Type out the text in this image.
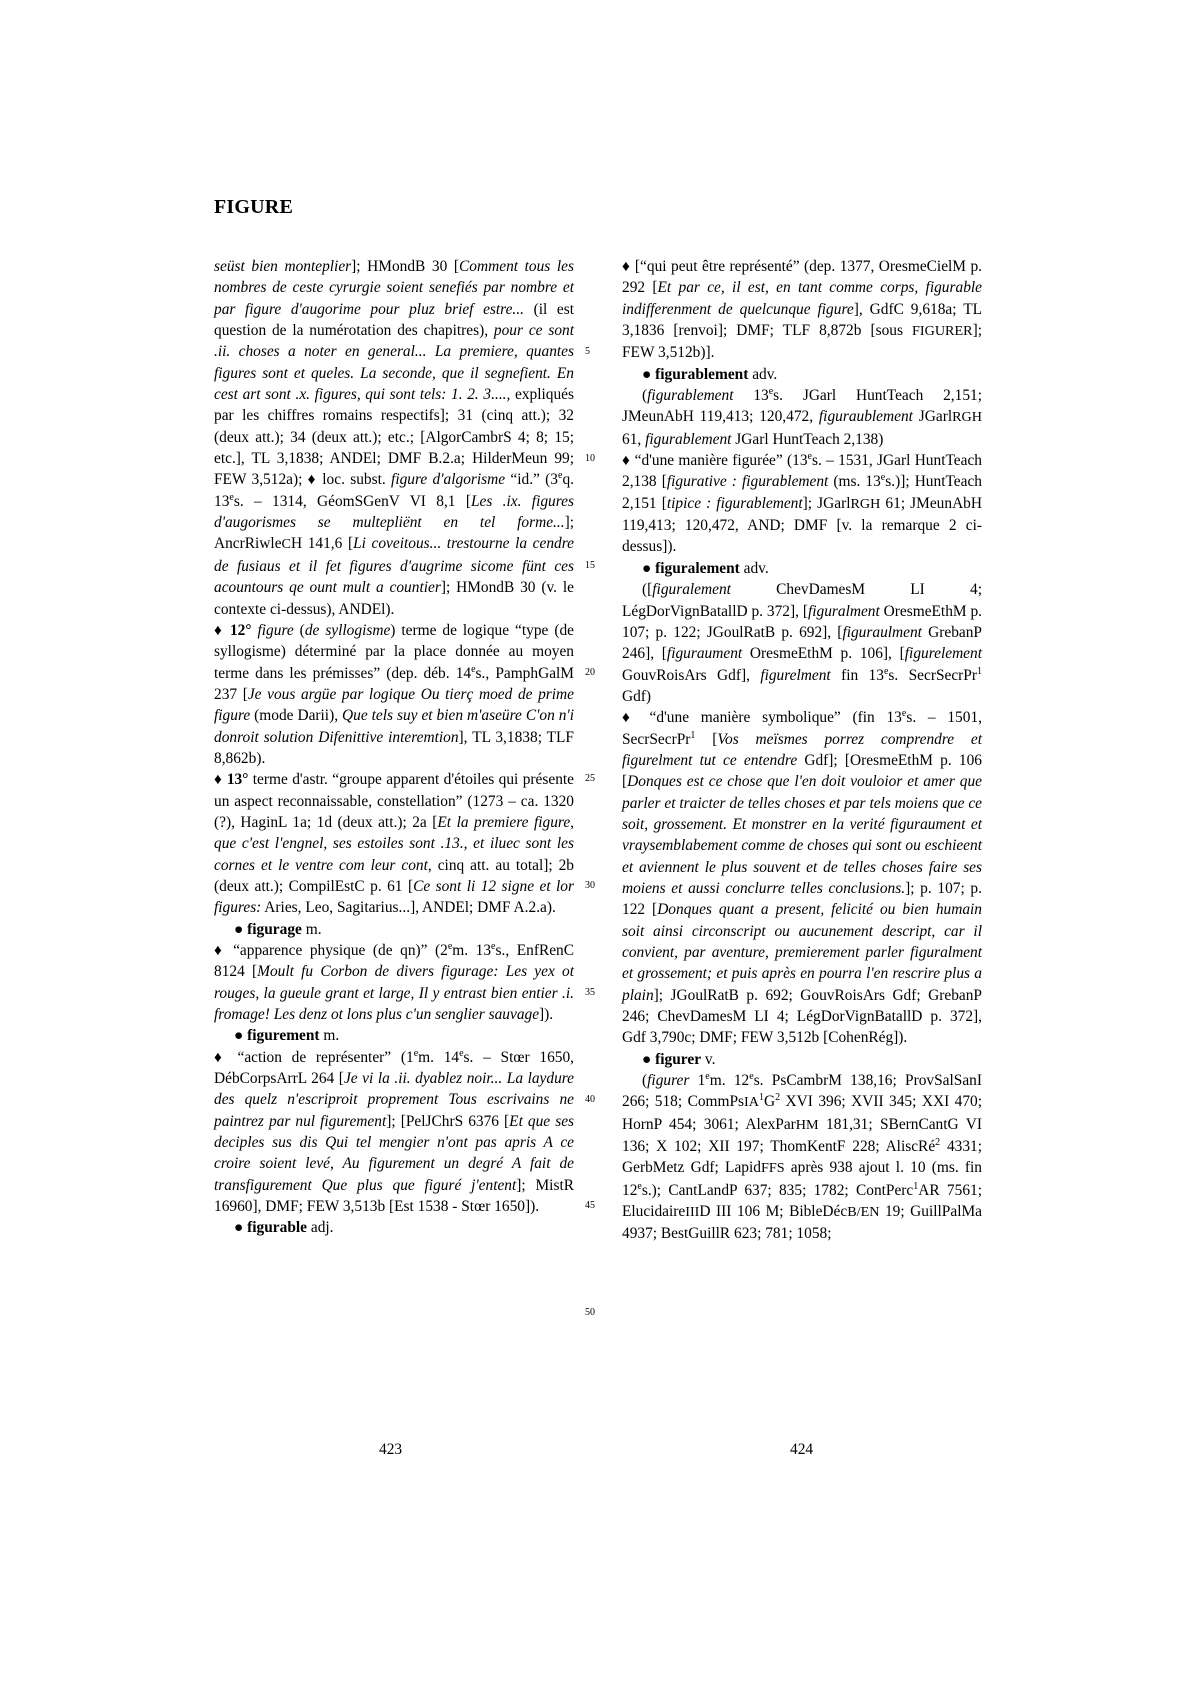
FIGURE

seüst bien monteplier]; HMondB 30 [Comment tous les nombres de ceste cyrurgie soient senefiés par nombre et par figure d'augorime pour pluz brief estre... (il est question de la numérotation des chapitres), pour ce sont .ii. choses a noter en general... La premiere, quantes figures sont et queles. La seconde, que il segnefient. En cest art sont .x. figures, qui sont tels: 1. 2. 3...., expliqués par les chiffres romains respectifs]; 31 (cinq att.); 32 (deux att.); 34 (deux att.); etc.; [AlgorCambrS 4; 8; 15; etc.], TL 3,1838; ANDEl; DMF B.2.a; HilderMeun 99; FEW 3,512a); ♦ loc. subst. figure d'algorisme “id.” (3eq. 13es. – 1314, GéomSGenV VI 8,1 [Les .ix. figures d'augorismes se multepliënt en tel forme...]; AncrRiwleCH 141,6 [Li coveitous... trestourne la cendre de fusiaus et il fet figures d'augrime sicome fünt ces acountours qe ount mult a countier]; HMondB 30 (v. le contexte ci-dessus), ANDEl).

♦ 12° figure (de syllogisme) terme de logique “type (de syllogisme) déterminé par la place donnée au moyen terme dans les prémisses” (dep. déb. 14es., PamphGalM 237 [Je vous argüe par logique Ou tierç moed de prime figure (mode Darii), Que tels suy et bien m'aseüre C'on n'i donroit solution Difenittive interemtion], TL 3,1838; TLF 8,862b).

♦ 13° terme d'astr. “groupe apparent d'étoiles qui présente un aspect reconnaissable, constellation” (1273 – ca. 1320 (?), HaginL 1a; 1d (deux att.); 2a [Et la premiere figure, que c'est l'engnel, ses estoiles sont .13., et iluec sont les cornes et le ventre com leur cont, cinq att. au total]; 2b (deux att.); CompilEstC p. 61 [Ce sont li 12 signe et lor figures: Aries, Leo, Sagitarius...], ANDEl; DMF A.2.a).

● figurage m.

♦ “apparence physique (de qn)” (2em. 13es., EnfRenC 8124 [Moult fu Corbon de divers figurage: Les yex ot rouges, la gueule grant et large, Il y entrast bien entier .i. fromage! Les denz ot lons plus c'un senglier sauvage]).

● figurement m.

♦ “action de représenter” (1em. 14es. – Stœr 1650, DébCorpsArrL 264 [Je vi la .ii. dyablez noir... La laydure des quelz n'escriproit proprement Tous escrivains ne paintrez par nul figurement]; [PelJChrS 6376 [Et que ses deciples sus dis Qui tel mengier n'ont pas apris A ce croire soient levé, Au figurement un degré A fait de transfigurement Que plus que figuré j'entent]; MistR 16960], DMF; FEW 3,513b [Est 1538 - Stœr 1650]).

● figurable adj.

5
10
15
20
25
30
35
40
45
50

♦ [“qui peut être représenté” (dep. 1377, OresmeCielM p. 292 [Et par ce, il est, en tant comme corps, figurable indifferenment de quelcunque figure], GdfC 9,618a; TL 3,1836 [renvoi]; DMF; TLF 8,872b [sous FIGURER]; FEW 3,512b)].

● figurablement adv.

(figurablement 13es. JGarl HuntTeach 2,151; JMeunAbH 119,413; 120,472, figuraublement JGarlRGH 61, figurablement JGarl HuntTeach 2,138)

♦ “d'une manière figurée” (13es. – 1531, JGarl HuntTeach 2,138 [figurative : figurablement (ms. 13es.)]; HuntTeach 2,151 [tipice : figurablement]; JGarlRGH 61; JMeunAbH 119,413; 120,472, AND; DMF [v. la remarque 2 ci-dessus]).

● figuralement adv.

([figuralement ChevDamesM LI 4; LégDorVignBatallD p. 372], [figuralment OresmeEthM p. 107; p. 122; JGoulRatB p. 692], [figuraulment GrebanP 246], [figuraument OresmeEthM p. 106], [figurelement GouvRoisArs Gdf], figurelment fin 13es. SecrSecrPr$^1$ Gdf)

♦ “d'une manière symbolique” (fin 13es. – 1501, SecrSecrPr$^1$ [Vos meïsmes porrez comprendre et figurelment tut ce entendre Gdf]; [OresmeEthM p. 106 [Donques est ce chose que l'en doit vouloior et amer que parler et traicter de telles choses et par tels moiens que ce soit, grossement. Et monstrer en la verité figuraument et vraysemblabement comme de choses qui sont ou eschieent et aviennent le plus souvent et de telles choses faire ses moiens et aussi conclurre telles conclusions.]; p. 107; p. 122 [Donques quant a present, felicité ou bien humain soit ainsi circonscript ou aucunement descript, car il convient, par aventure, premierement parler figuralment et grossement; et puis après en pourra l'en rescrire plus a plain]; JGoulRatB p. 692; GouvRoisArs Gdf; GrebanP 246; ChevDamesM LI 4; LégDorVignBatallD p. 372], Gdf 3,790c; DMF; FEW 3,512b [CohenRég]).

● figurer v.

(figurer 1em. 12es. PsCambrM 138,16; ProvSalSanI 266; 518; $CommPsIA^1G^2$ XVI 396; XVII 345; XXI 470; HornP 454; 3061; AlexParHM 181,31; SBernCantG VI 136; X 102; XII 197; ThomKentF 228; AliscRé$^2$ 4331; GerbMetz Gdf; LapidFFS après 938 ajout l. 10 (ms. fin 12es.); CantLandP 637; 835; 1782; ContPerc$^1$AR 7561; ElucidaireIIID III 106 M; BibleDécB/EN 19; GuillPalMa 4937; BestGuillR 623; 781; 1058;

423	424
